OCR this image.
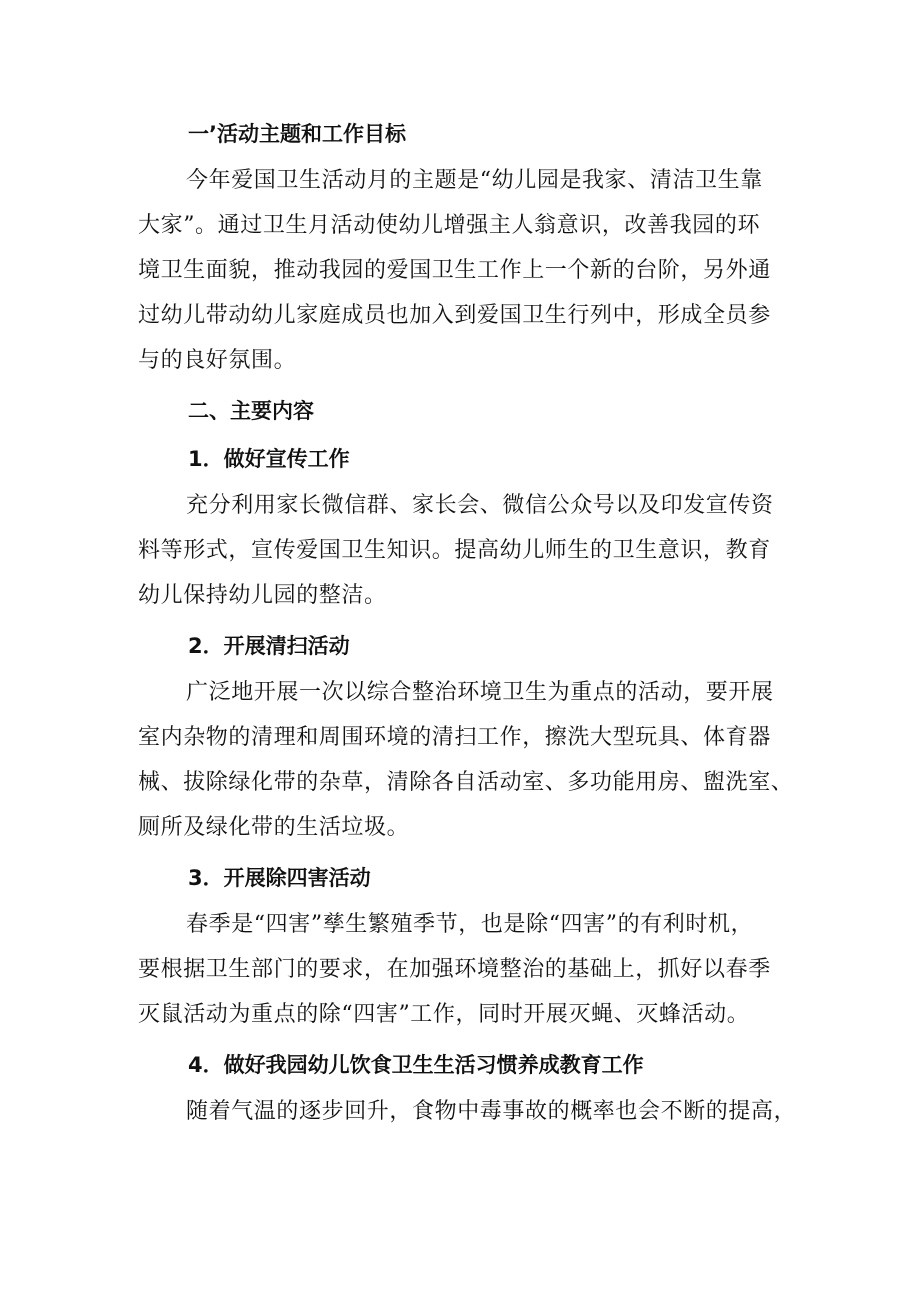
一’活动主题和工作目标

今年爱国卫生活动月的主题是“幼儿园是我家、清洁卫生靠
大家”。通过卫生月活动使幼儿增强主人翁意识，改善我园的环
境卫生面貌，推动我园的爱国卫生工作上一个新的台阶，另外通
过幼儿带动幼儿家庭成员也加入到爱国卫生行列中，形成全员参
与的良好氛围。

二、主要内容
1．做好宣传工作

充分利用家长微信群、家长会、微信公众号以及印发宣传资
料等形式，宣传爱国卫生知识。提高幼儿师生的卫生意识，教育
幼儿保持幼儿园的整洁。

2．开展清扫活动

广泛地开展一次以综合整治环境卫生为重点的活动，要开展
室内杂物的清理和周围环境的清扫工作，擦洗大型玩具、体育器
械、拔除绿化带的杂草，清除各自活动室、多功能用房、盥洗室、
厕所及绿化带的生活垃圾。

3．开展除四害活动

春季是“四害”孳生繁殖季节，也是除“四害”的有利时机，
要根据卫生部门的要求，在加强环境整治的基础上，抓好以春季
灭鼠活动为重点的除“四害”工作，同时开展灭蝇、灭蜂活动。

4．做好我园幼儿饮食卫生生活习惯养成教育工作

随着气温的逐步回升，食物中毒事故的概率也会不断的提高，
